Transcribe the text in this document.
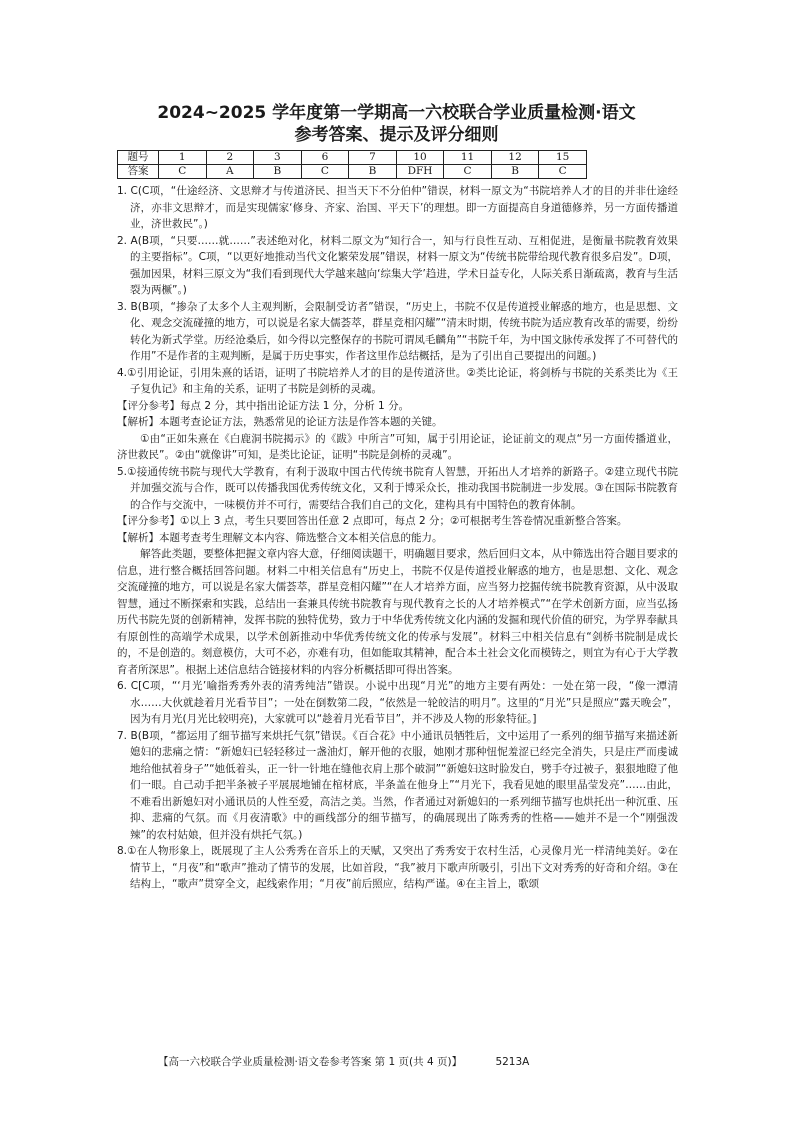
2024~2025 学年度第一学期高一六校联合学业质量检测·语文
参考答案、提示及评分细则
题号	1	2	3	6	7	10	11	12	15
答案	C	A	B	C	B	DFH	C	B	C

1. C(C项，“仕途经济、文思辩才与传道济民、担当天下不分伯仲”错误，材料一原文为“书院培养人才的目的并非仕途经济，亦非文思辩才，而是实现儒家‘修身、齐家、治国、平天下’的理想。即一方面提高自身道德修养，另一方面传播道业，济世救民”。)

2. A(B项，“只要……就……”表述绝对化，材料二原文为“知行合一，知与行良性互动、互相促进，是衡量书院教育效果的主要指标”。C项，“以更好地推动当代文化繁荣发展”错误，材料一原文为“传统书院带给现代教育很多启发”。D项，强加因果，材料三原文为“我们看到现代大学越来越向‘综集大学’趋进，学术日益专化，人际关系日渐疏离，教育与生活裂为两橛”。)

3. B(B项，“掺杂了太多个人主观判断，会限制受访者”错误，“历史上，书院不仅是传道授业解惑的地方，也是思想、文化、观念交流碰撞的地方，可以说是名家大儒荟萃，群星竞相闪耀”“清末时期，传统书院为适应教育改革的需要，纷纷转化为新式学堂。历经沧桑后，如今得以完整保存的书院可谓凤毛麟角”“书院千年，为中国文脉传承发挥了不可替代的作用”不是作者的主观判断，是属于历史事实，作者这里作总结概括，是为了引出自己要提出的问题。)

4.①引用论证，引用朱熹的话语，证明了书院培养人才的目的是传道济世。②类比论证，将剑桥与书院的关系类比为《王子复仇记》和主角的关系，证明了书院是剑桥的灵魂。

【评分参考】每点 2 分，其中指出论证方法 1 分，分析 1 分。

【解析】本题考查论证方法，熟悉常见的论证方法是作答本题的关键。

①由“正如朱熹在《白鹿洞书院揭示》的《跋》中所言”可知，属于引用论证，论证前文的观点“另一方面传播道业，济世救民”。②由“就像讲”可知，是类比论证，证明“书院是剑桥的灵魂”。

5.①接通传统书院与现代大学教育，有利于汲取中国古代传统书院育人智慧，开拓出人才培养的新路子。②建立现代书院并加强交流与合作，既可以传播我国优秀传统文化，又利于博采众长，推动我国书院制进一步发展。③在国际书院教育的合作与交流中，一味模仿并不可行，需要结合我们自己的文化，建构具有中国特色的教育体制。

【评分参考】①以上 3 点，考生只要回答出任意 2 点即可，每点 2 分；②可根据考生答卷情况重新整合答案。

【解析】本题考查考生理解文本内容、筛选整合文本相关信息的能力。

解答此类题，要整体把握文章内容大意，仔细阅读题干，明确题目要求，然后回归文本，从中筛选出符合题目要求的信息，进行整合概括回答问题。材料二中相关信息有“历史上，书院不仅是传道授业解惑的地方，也是思想、文化、观念交流碰撞的地方，可以说是名家大儒荟萃，群星竞相闪耀”“在人才培养方面，应当努力挖掘传统书院教育资源，从中汲取智慧，通过不断探索和实践，总结出一套兼具传统书院教育与现代教育之长的人才培养模式”“在学术创新方面，应当弘扬历代书院先贤的创新精神，发挥书院的独特优势，致力于中华优秀传统文化内涵的发掘和现代价值的研究，为学界奉献具有原创性的高端学术成果，以学术创新推动中华优秀传统文化的传承与发展”。材料三中相关信息有“剑桥书院制是成长的，不是创造的。刻意模仿，大可不必，亦难有功，但如能取其精神，配合本土社会文化而模铸之，则宜为有心于大学教育者所深思”。根据上述信息结合链接材料的内容分析概括即可得出答案。

6. C[C项，“‘月光’喻指秀秀外表的清秀纯洁”错误。小说中出现“月光”的地方主要有两处：一处在第一段，“像一潭清水……大伙就趁着月光看节目”；一处在倒数第二段，“依然是一轮皎洁的明月”。这里的“月光”只是照应“露天晚会”，因为有月光(月光比较明亮)，大家就可以“趁着月光看节目”，并不涉及人物的形象特征。]

7. B(B项，“都运用了细节描写来烘托气氛”错误。《百合花》中小通讯员牺牲后，文中运用了一系列的细节描写来描述新媳妇的悲痛之情：“新媳妇已轻轻移过一盏油灯，解开他的衣服，她刚才那种忸怩羞涩已经完全消失，只是庄严而虔诚地给他拭着身子”“她低着头，正一针一针地在缝他衣肩上那个破洞”“新媳妇这时脸发白，劈手夺过被子，狠狠地瞪了他们一眼。自己动手把半条被子平展展地铺在棺材底，半条盖在他身上”“月光下，我看见她的眼里晶莹发亮”……由此，不难看出新媳妇对小通讯员的人性至爱，高洁之美。当然，作者通过对新媳妇的一系列细节描写也烘托出一种沉重、压抑、悲痛的气氛。而《月夜清歌》中的画线部分的细节描写，的确展现出了陈秀秀的性格——她并不是一个“刚强泼辣”的农村姑娘，但并没有烘托气氛。)

8.①在人物形象上，既展现了主人公秀秀在音乐上的天赋，又突出了秀秀安于农村生活，心灵像月光一样清纯美好。②在情节上，“月夜”和“歌声”推动了情节的发展，比如首段，“我”被月下歌声所吸引，引出下文对秀秀的好奇和介绍。③在结构上，“歌声”贯穿全文，起线索作用；“月夜”前后照应，结构严谨。④在主旨上，歌颂

【高一六校联合学业质量检测·语文卷参考答案 第 1 页(共 4 页)】	5213A
